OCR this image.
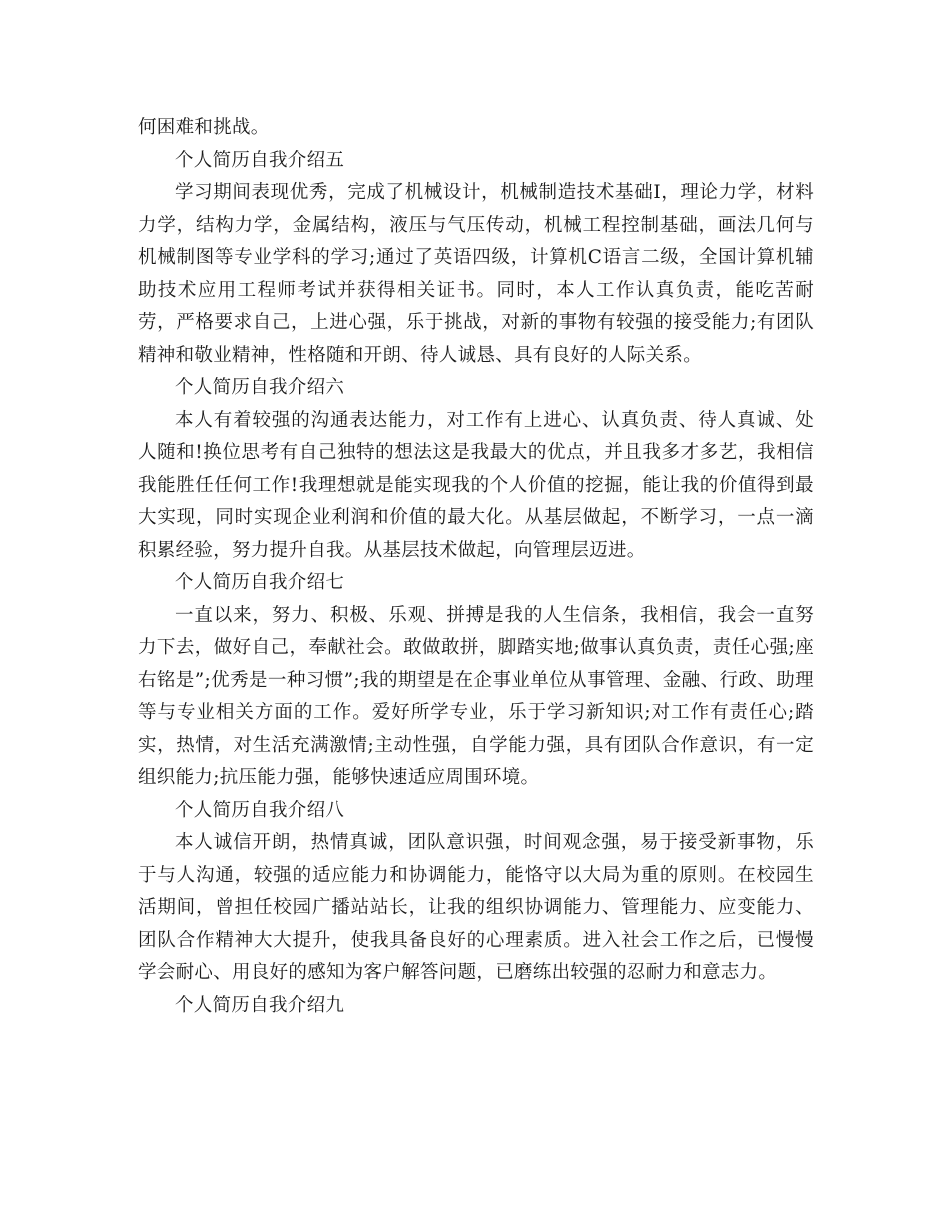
何困难和挑战。

个人简历自我介绍五

学习期间表现优秀，完成了机械设计，机械制造技术基础Ⅰ，理论力学，材料力学，结构力学，金属结构，液压与气压传动，机械工程控制基础，画法几何与机械制图等专业学科的学习;通过了英语四级，计算机C语言二级，全国计算机辅助技术应用工程师考试并获得相关证书。同时，本人工作认真负责，能吃苦耐劳，严格要求自己，上进心强，乐于挑战，对新的事物有较强的接受能力;有团队精神和敬业精神，性格随和开朗、待人诚恳、具有良好的人际关系。

个人简历自我介绍六

本人有着较强的沟通表达能力，对工作有上进心、认真负责、待人真诚、处人随和!换位思考有自己独特的想法这是我最大的优点，并且我多才多艺，我相信我能胜任任何工作!我理想就是能实现我的个人价值的挖掘，能让我的价值得到最大实现，同时实现企业利润和价值的最大化。从基层做起，不断学习，一点一滴积累经验，努力提升自我。从基层技术做起，向管理层迈进。

个人简历自我介绍七

一直以来，努力、积极、乐观、拼搏是我的人生信条，我相信，我会一直努力下去，做好自己，奉献社会。敢做敢拼，脚踏实地;做事认真负责，责任心强;座右铭是”;优秀是一种习惯”;我的期望是在企事业单位从事管理、金融、行政、助理等与专业相关方面的工作。爱好所学专业，乐于学习新知识;对工作有责任心;踏实，热情，对生活充满激情;主动性强，自学能力强，具有团队合作意识，有一定组织能力;抗压能力强，能够快速适应周围环境。

个人简历自我介绍八

本人诚信开朗，热情真诚，团队意识强，时间观念强，易于接受新事物，乐于与人沟通，较强的适应能力和协调能力，能恪守以大局为重的原则。在校园生活期间，曾担任校园广播站站长，让我的组织协调能力、管理能力、应变能力、团队合作精神大大提升，使我具备良好的心理素质。进入社会工作之后，已慢慢学会耐心、用良好的感知为客户解答问题，已磨练出较强的忍耐力和意志力。

个人简历自我介绍九
